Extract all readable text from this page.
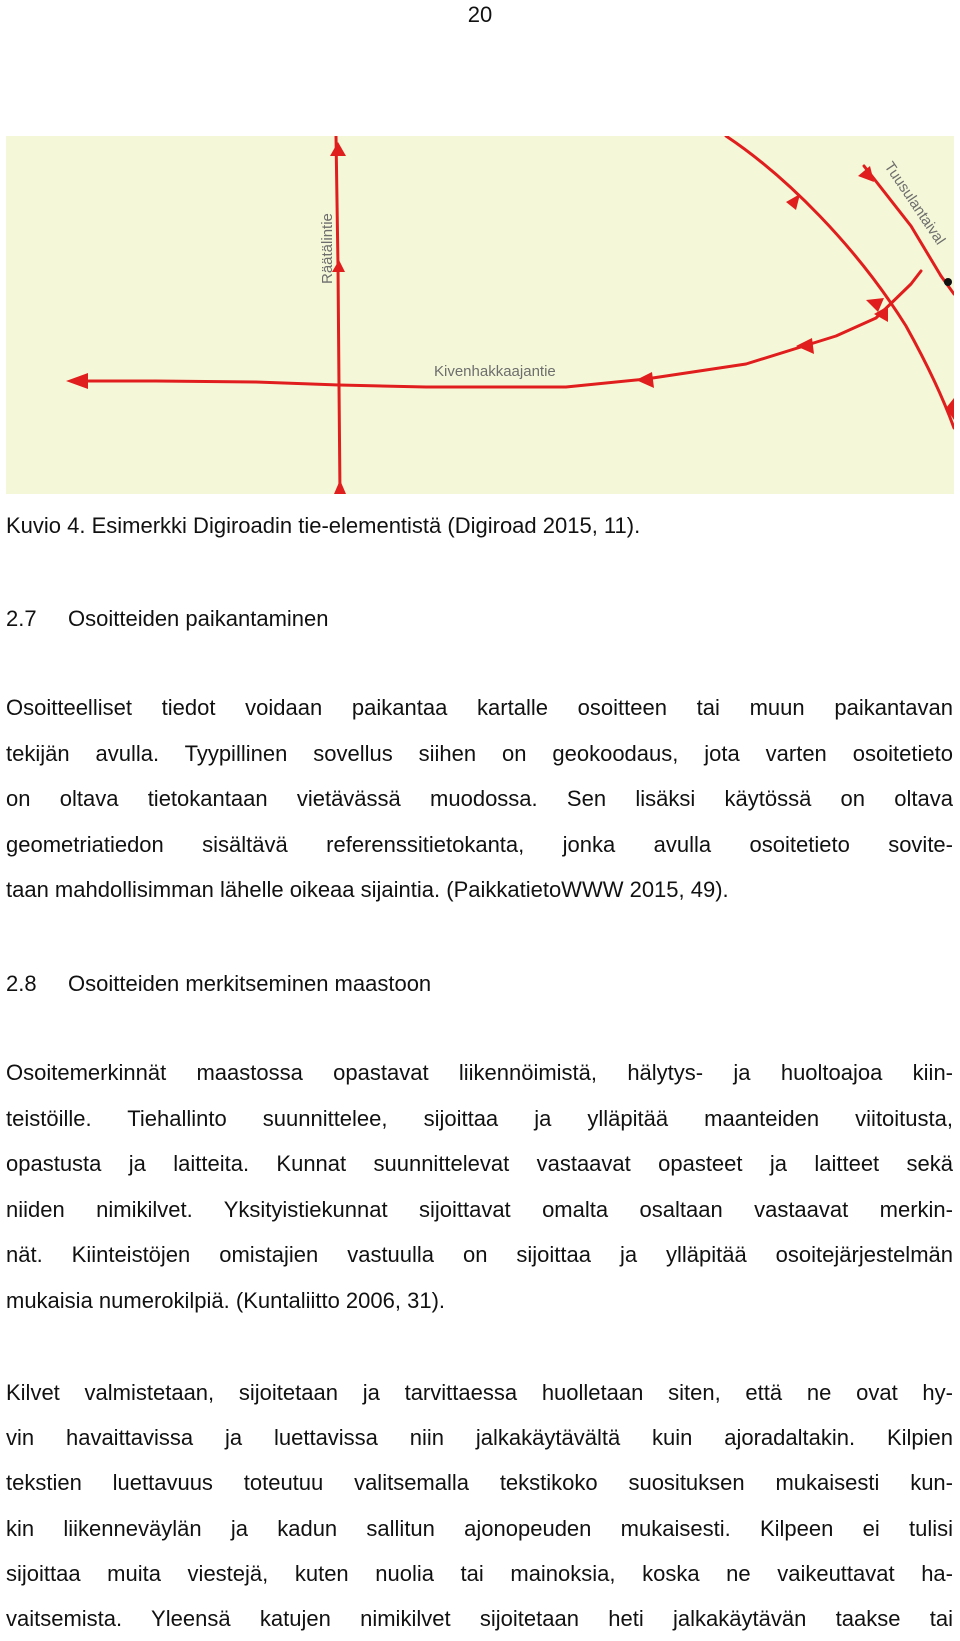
20
Räätälintie
Kivenhakkaajantie
Tuusulantaival
Kuvio 4. Esimerkki Digiroadin tie-elementistä (Digiroad 2015, 11).
2.7 Osoitteiden paikantaminen
Osoitteelliset tiedot voidaan paikantaa kartalle osoitteen tai muun paikantavan
tekijän avulla. Tyypillinen sovellus siihen on geokoodaus, jota varten osoitetieto
on oltava tietokantaan vietävässä muodossa. Sen lisäksi käytössä on oltava
geometriatiedon sisältävä referenssitietokanta, jonka avulla osoitetieto sovite-
taan mahdollisimman lähelle oikeaa sijaintia. (PaikkatietoWWW 2015, 49).
2.8 Osoitteiden merkitseminen maastoon
Osoitemerkinnät maastossa opastavat liikennöimistä, hälytys- ja huoltoajoa kiin-
teistöille. Tiehallinto suunnittelee, sijoittaa ja ylläpitää maanteiden viitoitusta,
opastusta ja laitteita. Kunnat suunnittelevat vastaavat opasteet ja laitteet sekä
niiden nimikilvet. Yksityistiekunnat sijoittavat omalta osaltaan vastaavat merkin-
nät. Kiinteistöjen omistajien vastuulla on sijoittaa ja ylläpitää osoitejärjestelmän
mukaisia numerokilpiä. (Kuntaliitto 2006, 31).
Kilvet valmistetaan, sijoitetaan ja tarvittaessa huolletaan siten, että ne ovat hy-
vin havaittavissa ja luettavissa niin jalkakäytävältä kuin ajoradaltakin. Kilpien
tekstien luettavuus toteutuu valitsemalla tekstikoko suosituksen mukaisesti kun-
kin liikenneväylän ja kadun sallitun ajonopeuden mukaisesti. Kilpeen ei tulisi
sijoittaa muita viestejä, kuten nuolia tai mainoksia, koska ne vaikeuttavat ha-
vaitsemista. Yleensä katujen nimikilvet sijoitetaan heti jalkakäytävän taakse tai
